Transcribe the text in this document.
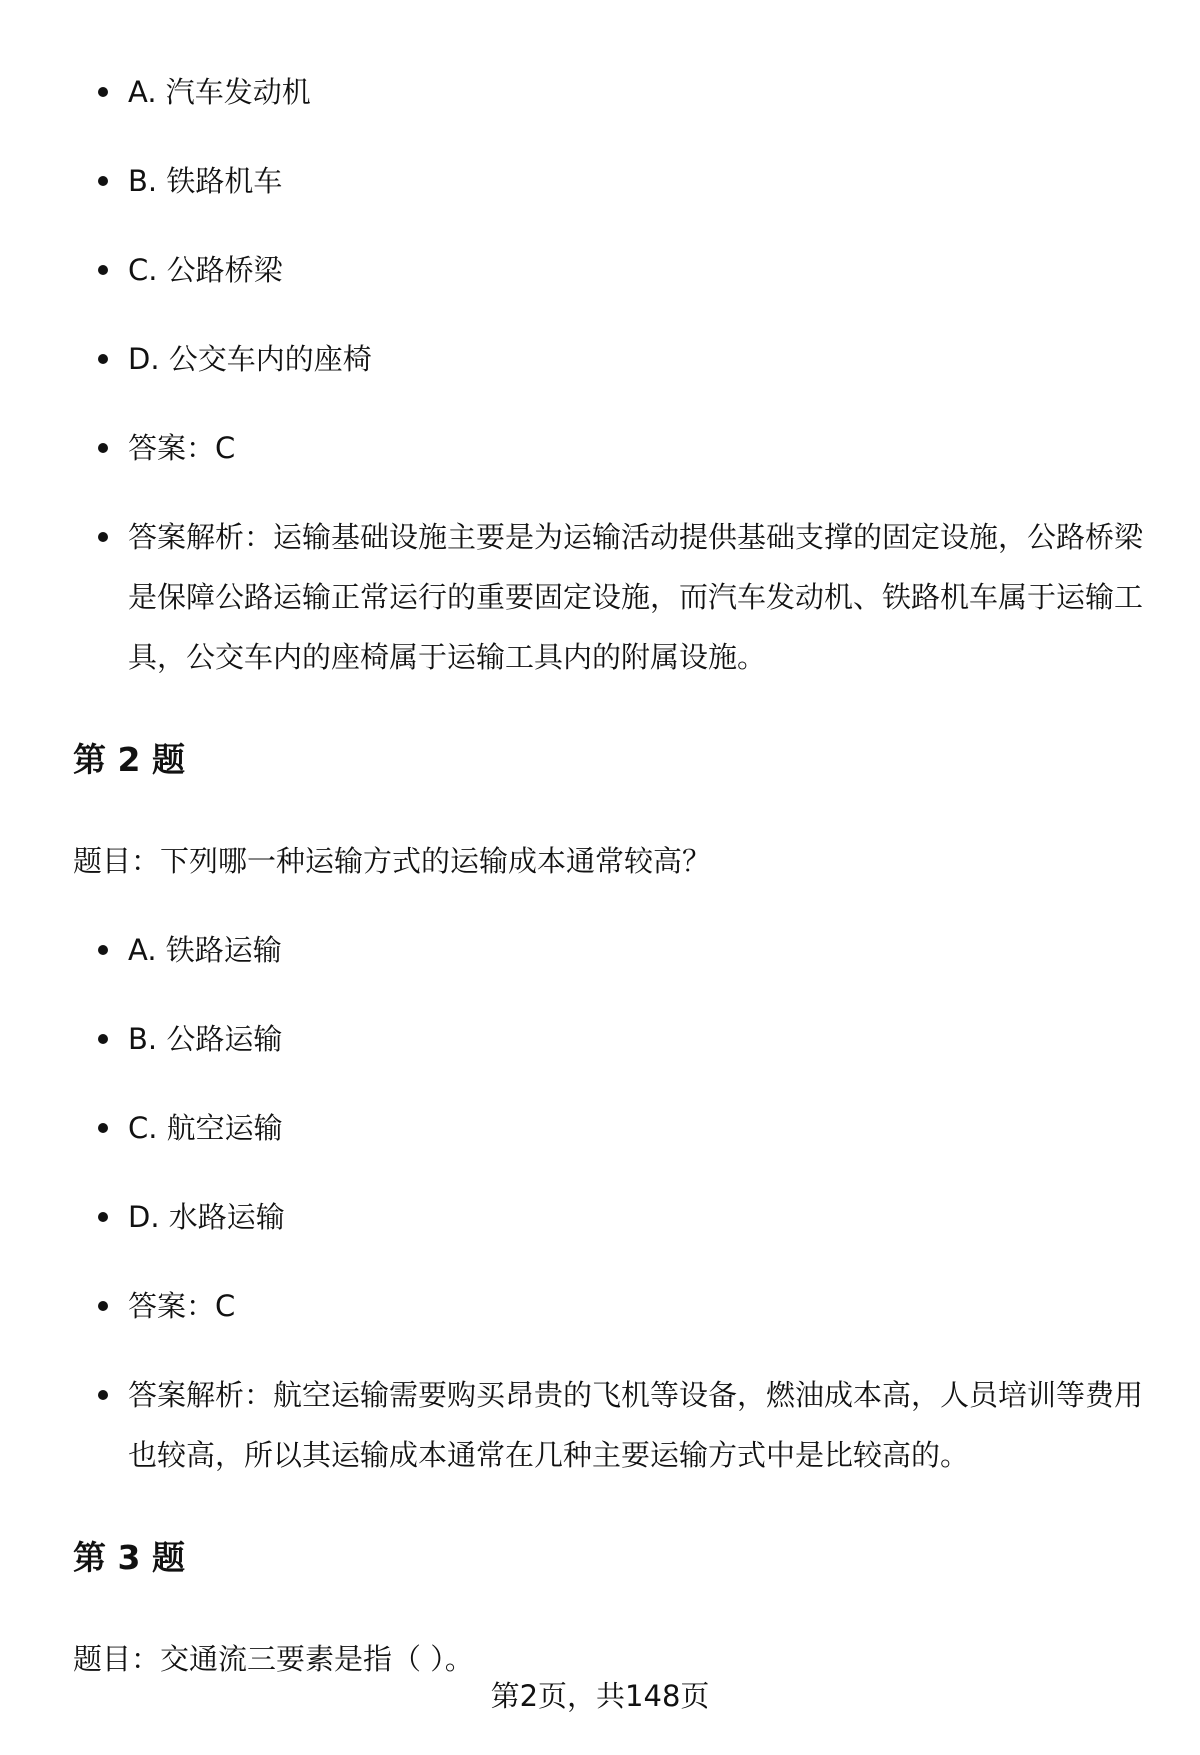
A. 汽车发动机
B. 铁路机车
C. 公路桥梁
D. 公交车内的座椅
答案：C
答案解析：运输基础设施主要是为运输活动提供基础支撑的固定设施，公路桥梁是保障公路运输正常运行的重要固定设施，而汽车发动机、铁路机车属于运输工具，公交车内的座椅属于运输工具内的附属设施。
第 2 题

题目：下列哪一种运输方式的运输成本通常较高？

A. 铁路运输
B. 公路运输
C. 航空运输
D. 水路运输
答案：C
答案解析：航空运输需要购买昂贵的飞机等设备，燃油成本高，人员培训等费用也较高，所以其运输成本通常在几种主要运输方式中是比较高的。
第 3 题

题目：交通流三要素是指（ ）。

第2页，共148页
